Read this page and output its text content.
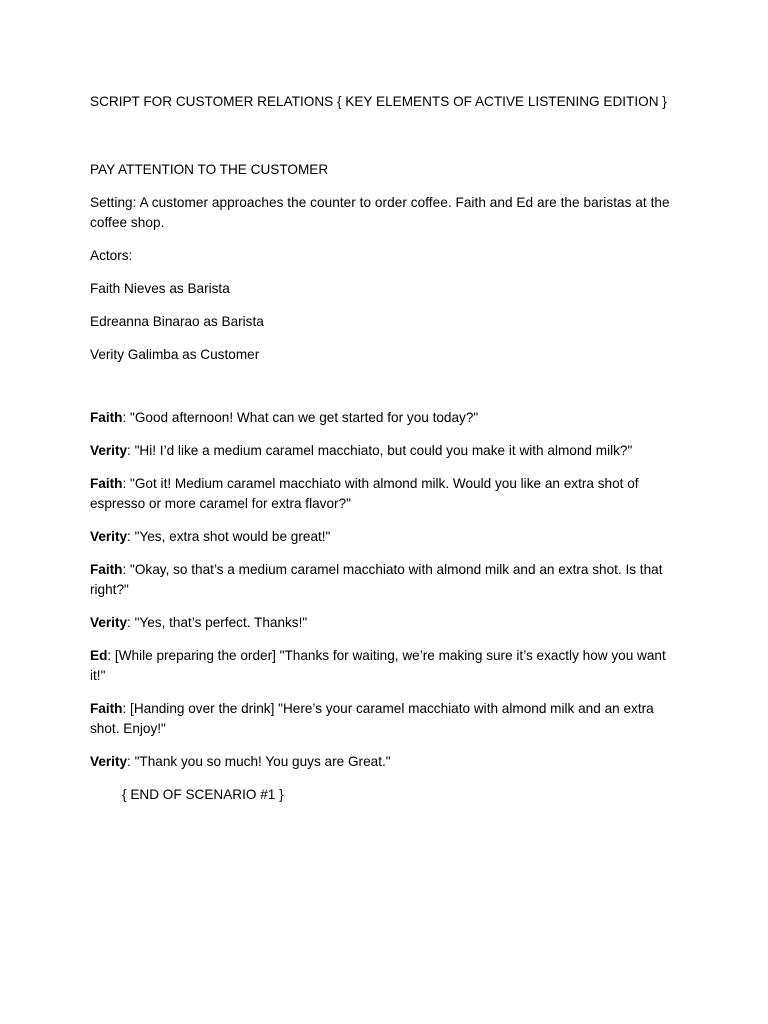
SCRIPT FOR CUSTOMER RELATIONS { KEY ELEMENTS OF ACTIVE LISTENING EDITION }

PAY ATTENTION TO THE CUSTOMER

Setting: A customer approaches the counter to order coffee. Faith and Ed are the baristas at the coffee shop.

Actors:

Faith Nieves as Barista

Edreanna Binarao as Barista

Verity Galimba as Customer

Faith: "Good afternoon! What can we get started for you today?"

Verity: "Hi! I’d like a medium caramel macchiato, but could you make it with almond milk?"

Faith: "Got it! Medium caramel macchiato with almond milk. Would you like an extra shot of espresso or more caramel for extra flavor?"

Verity: "Yes, extra shot would be great!"

Faith: "Okay, so that’s a medium caramel macchiato with almond milk and an extra shot. Is that right?"

Verity: "Yes, that’s perfect. Thanks!"

Ed: [While preparing the order] "Thanks for waiting, we’re making sure it’s exactly how you want it!"

Faith: [Handing over the drink] "Here’s your caramel macchiato with almond milk and an extra shot. Enjoy!"

Verity: "Thank you so much! You guys are Great."

{ END OF SCENARIO #1 }
